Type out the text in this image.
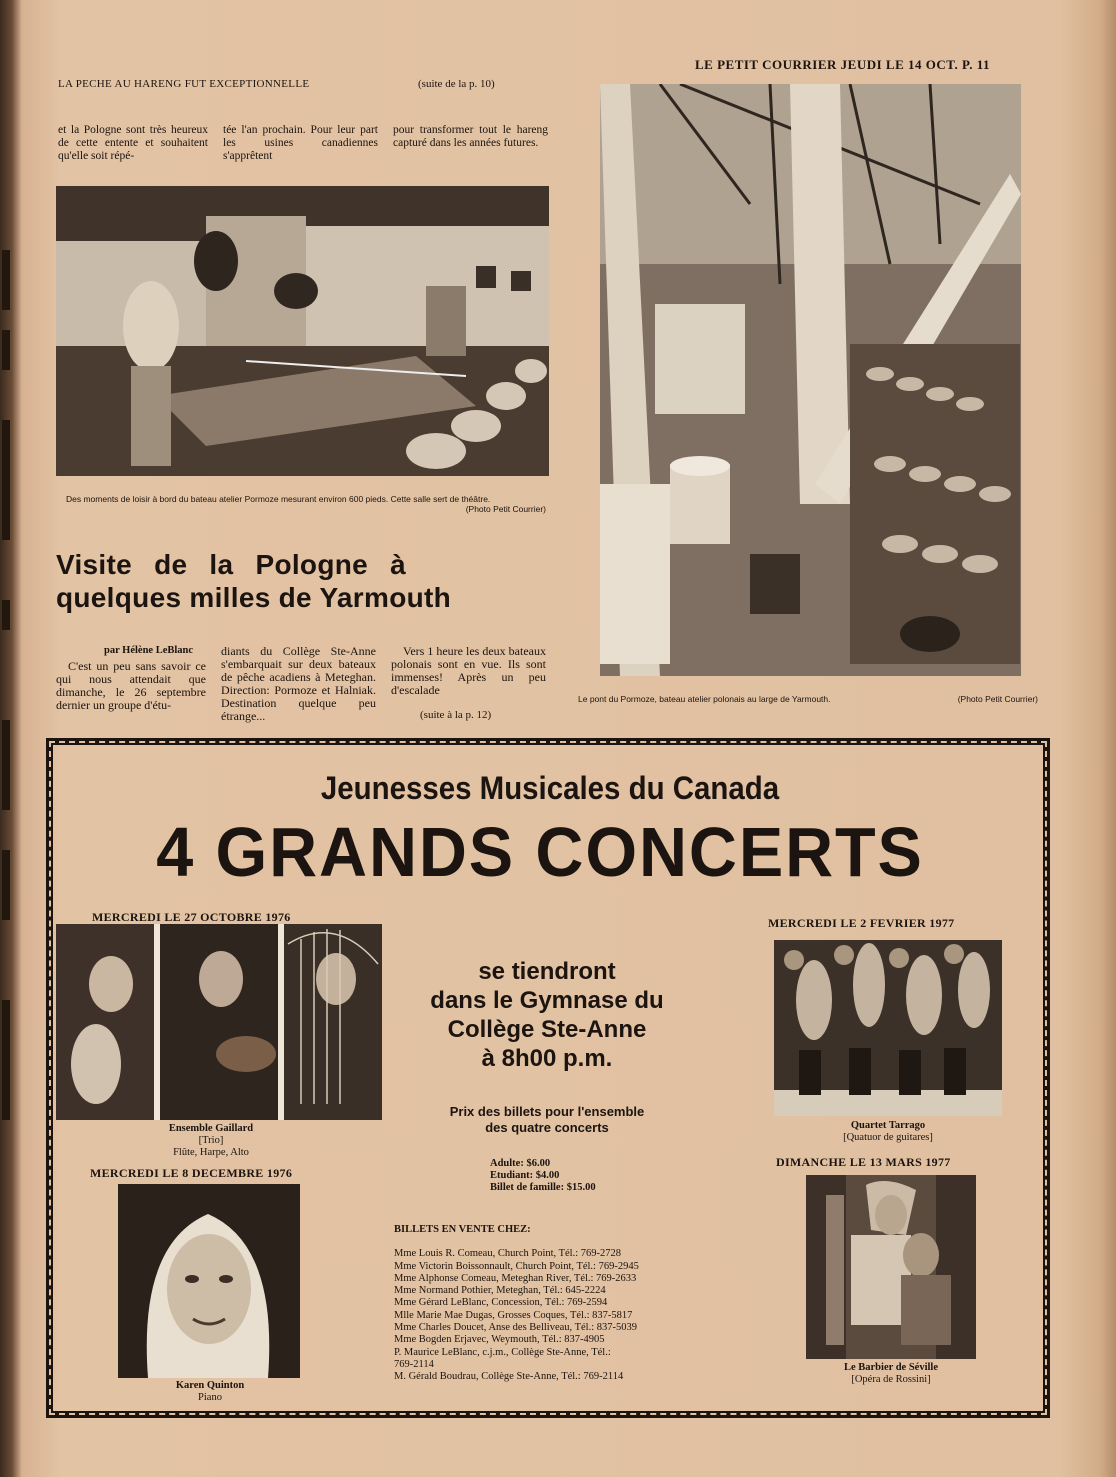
LA PECHE AU HARENG FUT EXCEPTIONNELLE	(suite de la p. 10)
LE PETIT COURRIER JEUDI LE 14 OCT. P. 11
et la Pologne sont très heureux de cette entente et souhaitent qu'elle soit répé-
tée l'an prochain. Pour leur part les usines canadiennes s'apprêtent
pour transformer tout le hareng capturé dans les années futures.
Des moments de loisir à bord du bateau atelier Pormoze mesurant environ 600 pieds. Cette salle sert de théâtre.
(Photo Petit Courrier)
Le pont du Pormoze, bateau atelier polonais au large de Yarmouth.	(Photo Petit Courrier)
Visite de la Pologne à
quelques milles de Yarmouth
par Hélène LeBlanc
C'est un peu sans savoir ce qui nous attendait que dimanche, le 26 septembre dernier un groupe d'étu-
diants du Collège Ste-Anne s'embarquait sur deux bateaux de pêche acadiens à Meteghan. Direction: Pormoze et Halniak. Destination quelque peu étrange...
Vers 1 heure les deux bateaux polonais sont en vue. Ils sont immenses! Après un peu d'escalade
(suite à la p. 12)
Jeunesses Musicales du Canada
4 GRANDS CONCERTS
MERCREDI LE 27 OCTOBRE 1976
Ensemble Gaillard
[Trio]
Flûte, Harpe, Alto
se tiendront
dans le Gymnase du
Collège Ste-Anne
à 8h00 p.m.
Prix des billets pour l'ensemble
des quatre concerts
Adulte: $6.00
Etudiant: $4.00
Billet de famille: $15.00
MERCREDI LE 2 FEVRIER 1977
Quartet Tarrago
[Quatuor de guitares]
MERCREDI LE 8 DECEMBRE 1976
Karen Quinton
Piano
BILLETS EN VENTE CHEZ:
Mme Louis R. Comeau, Church Point, Tél.: 769-2728
Mme Victorin Boissonnault, Church Point, Tél.: 769-2945
Mme Alphonse Comeau, Meteghan River, Tél.: 769-2633
Mme Normand Pothier, Meteghan, Tél.: 645-2224
Mme Gérard LeBlanc, Concession, Tél.: 769-2594
Mlle Marie Mae Dugas, Grosses Coques, Tél.: 837-5817
Mme Charles Doucet, Anse des Belliveau, Tél.: 837-5039
Mme Bogden Erjavec, Weymouth, Tél.: 837-4905
P. Maurice LeBlanc, c.j.m., Collège Ste-Anne, Tél.:
769-2114
M. Gérald Boudrau, Collège Ste-Anne, Tél.: 769-2114
DIMANCHE LE 13 MARS 1977
Le Barbier de Séville
[Opéra de Rossini]
